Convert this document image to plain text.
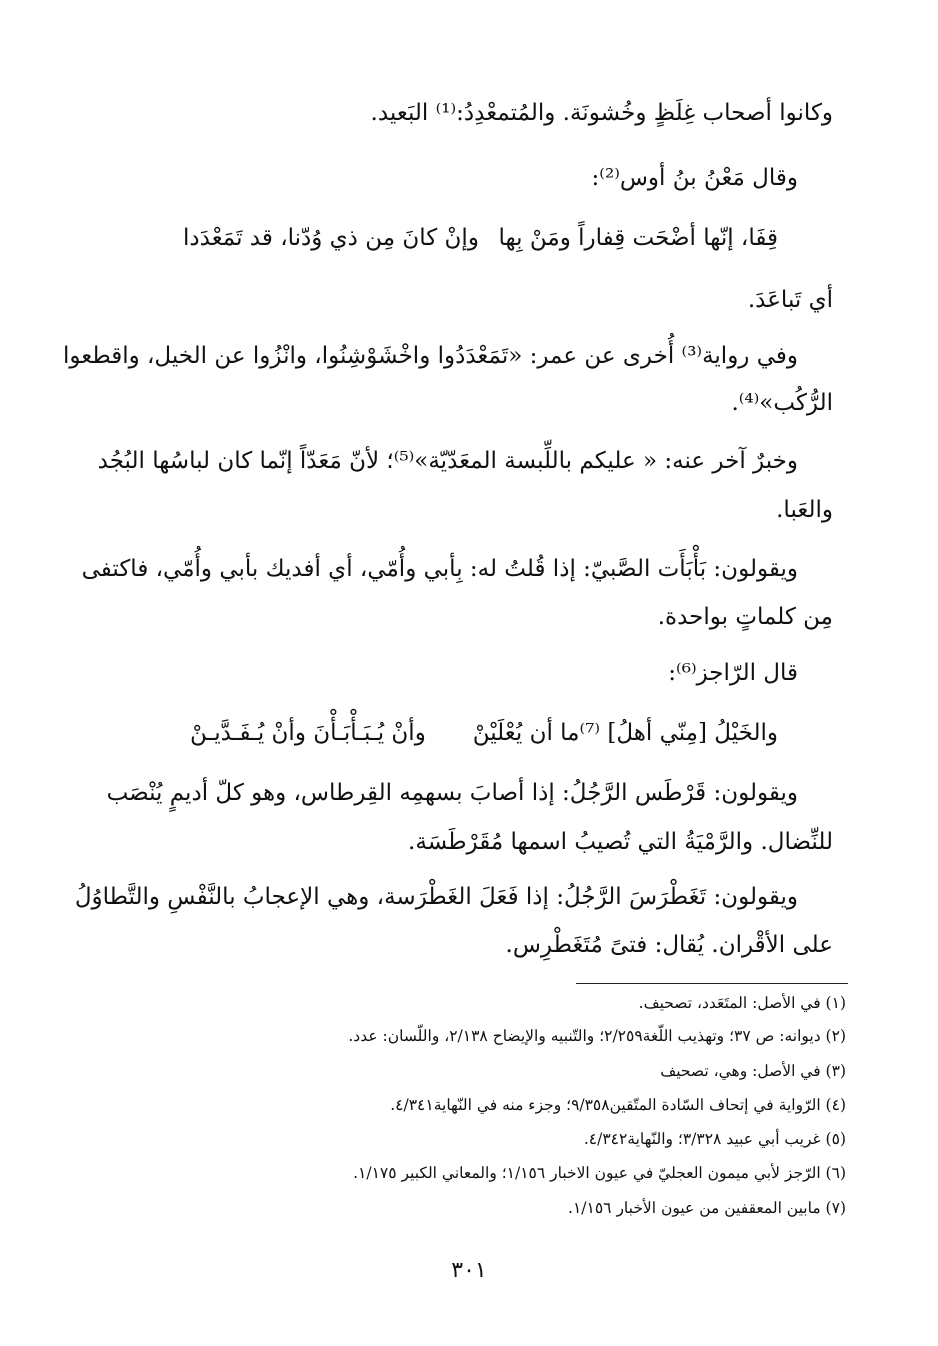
وكانوا أصحاب غِلَظٍ وخُشونَة. والمُتمعْدِدُ:⁽¹⁾ البَعيد.
وقال مَعْنُ بنُ أوس⁽²⁾:
قِفَا، إنّها أضْحَت قِفاراً ومَنْ بِها
وإنْ كانَ مِن ذي وُدّنا، قد تَمَعْدَدا
أي تَباعَدَ.
وفي رواية⁽³⁾ أُخرى عن عمر: «تَمَعْدَدُوا واخْشَوْشِنُوا، وانْزُوا عن الخيل، واقطعوا
الرُّكُب»⁽⁴⁾.
وخبرٌ آخر عنه: « عليكم باللِّبسة المعَدّيّة»⁽⁵⁾؛ لأنّ مَعَدّاً إنّما كان لباسُها البُجُد
والعَبا.
ويقولون: بَأْبَأَت الصَّبيّ: إذا قُلتُ له: بِأبي وأُمّي، أي أفديك بأبي وأُمّي، فاكتفى
مِن كلماتٍ بواحدة.
قال الرّاجز⁽⁶⁾:
والخَيْلُ [مِنّي أهلُ] ⁽⁷⁾ما أن يُعْلَيْنْ
وأنْ يُـبَـأْبَـأْنَ وأنْ يُـفَـدَّيـنْ
ويقولون: قَرْطَس الرَّجُلُ: إذا أصابَ بسهمِه القِرطاس، وهو كلّ أديمٍ يُنْصَب
للنِّضال. والرَّمْيَةُ التي تُصيبُ اسمها مُقَرْطَسَة.
ويقولون: تَغَطْرَسَ الرَّجُلُ: إذا فَعَلَ الغَطْرَسة، وهي الإعجابُ بالنَّفْسِ والتَّطاوُلُ
على الأقْران. يُقال: فتىً مُتَغَطْرِس.
(١) في الأصل: المتَعَدد، تصحيف.
(٢) ديوانه: ص ٣٧؛ وتهذيب اللّغة٢/٢٥٩؛ والتّنبيه والإيضاح ٢/١٣٨، واللّسان: عدد.
(٣) في الأصل: وهي، تصحيف
(٤) الرّواية في إتحاف السّادة المتّقين٩/٣٥٨؛ وجزء منه في النّهاية٤/٣٤١.
(٥) غريب أبي عبيد ٣/٣٢٨؛ والنّهاية٤/٣٤٢.
(٦) الرّجز لأبي ميمون العجليّ في عيون الاخبار ١/١٥٦؛ والمعاني الكبير ١/١٧٥.
(٧) مابين المعقفين من عيون الأخبار ١/١٥٦.
٣٠١
